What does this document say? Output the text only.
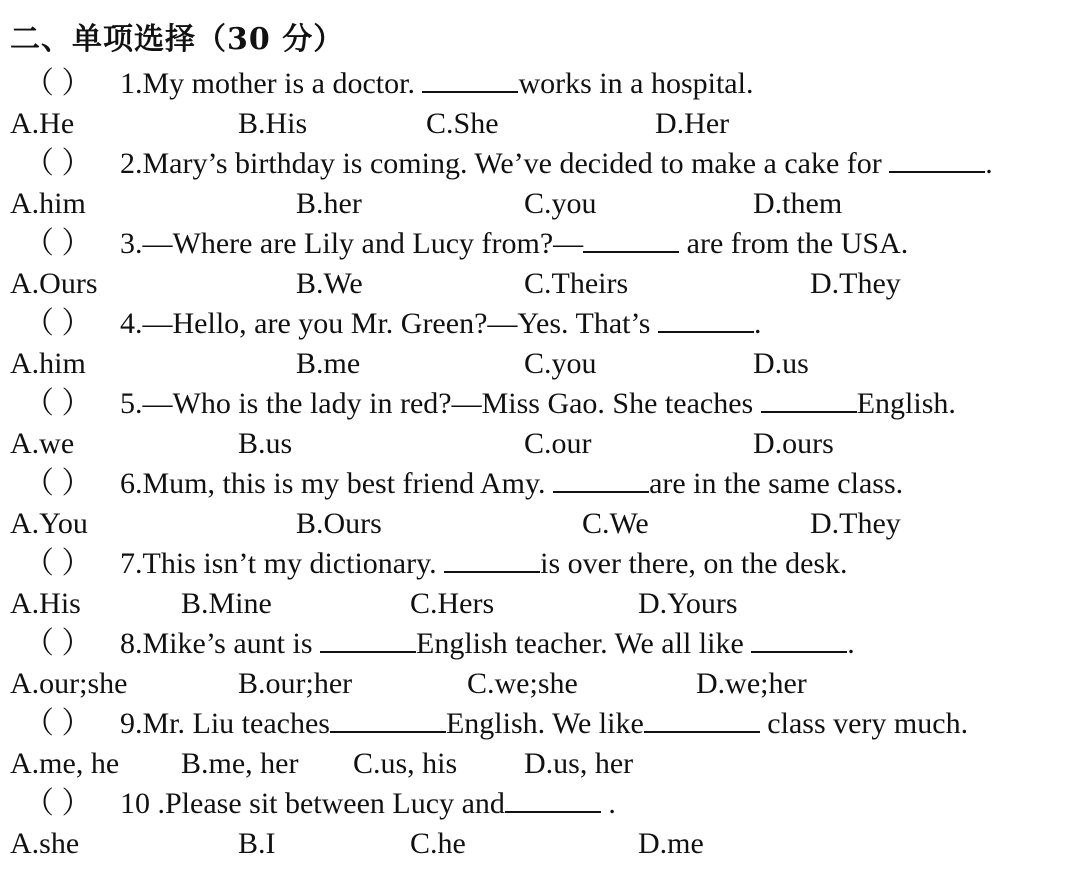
二、单项选择（30 分）
（ ） 1.My mother is a doctor.	works in a hospital.
A.He	B.His	C.She	D.Her
（ ） 2.Mary’s birthday is coming. We’ve decided to make a cake for	.
A.him	B.her	C.you	D.them
（ ） 3.—Where are Lily and Lucy from?—	are from the USA.
A.Ours	B.We	C.Theirs	D.They
（ ） 4.—Hello, are you Mr. Green?—Yes. That’s	.
A.him	B.me	C.you	D.us
（ ） 5.—Who is the lady in red?—Miss Gao. She teaches	English.
A.we	B.us	C.our	D.ours
（ ） 6.Mum, this is my best friend Amy.	are in the same class.
A.You	B.Ours	C.We	D.They
（ ） 7.This isn’t my dictionary.	is over there, on the desk.
A.His	B.Mine	C.Hers	D.Yours
（ ） 8.Mike’s aunt is	English teacher. We all like	.
A.our;she	B.our;her	C.we;she	D.we;her
（ ） 9.Mr. Liu teaches	English. We like	class very much.
A.me, he B.me, her C.us, his D.us, her
（ ） 10 .Please sit between Lucy and	.
A.she	B.I	C.he	D.me
